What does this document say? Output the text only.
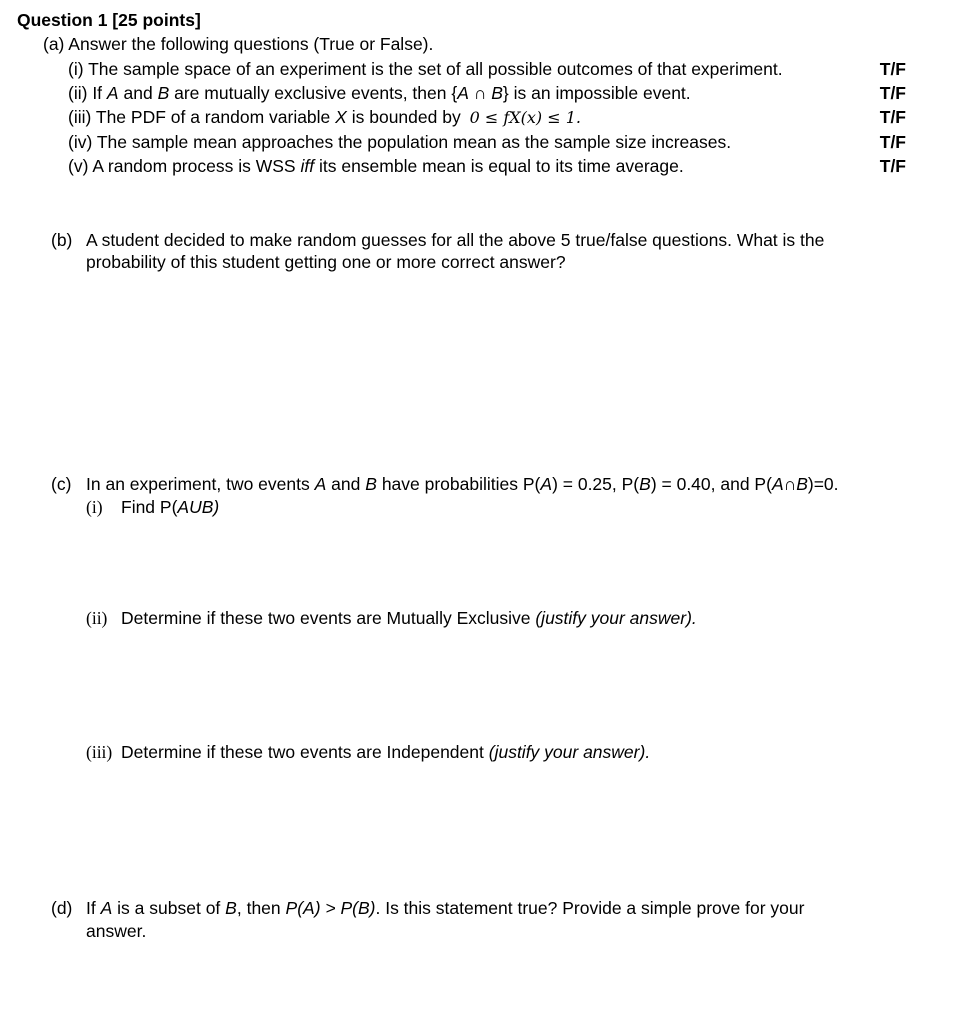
Question 1 [25 points]
(a) Answer the following questions (True or False).
(i) The sample space of an experiment is the set of all possible outcomes of that experiment.	T/F
(ii) If A and B are mutually exclusive events, then {A ∩ B} is an impossible event.	T/F
(iii) The PDF of a random variable X is bounded by 0 ≤ fX(x) ≤ 1.	T/F
(iv) The sample mean approaches the population mean as the sample size increases.	T/F
(v) A random process is WSS iff its ensemble mean is equal to its time average.	T/F
(b) A student decided to make random guesses for all the above 5 true/false questions. What is the
probability of this student getting one or more correct answer?
(c) In an experiment, two events A and B have probabilities P(A) = 0.25, P(B) = 0.40, and P(A∩B)=0.
(i) Find P(AUB)
(ii) Determine if these two events are Mutually Exclusive (justify your answer).
(iii) Determine if these two events are Independent (justify your answer).
(d) If A is a subset of B, then P(A) > P(B). Is this statement true? Provide a simple prove for your
answer.
